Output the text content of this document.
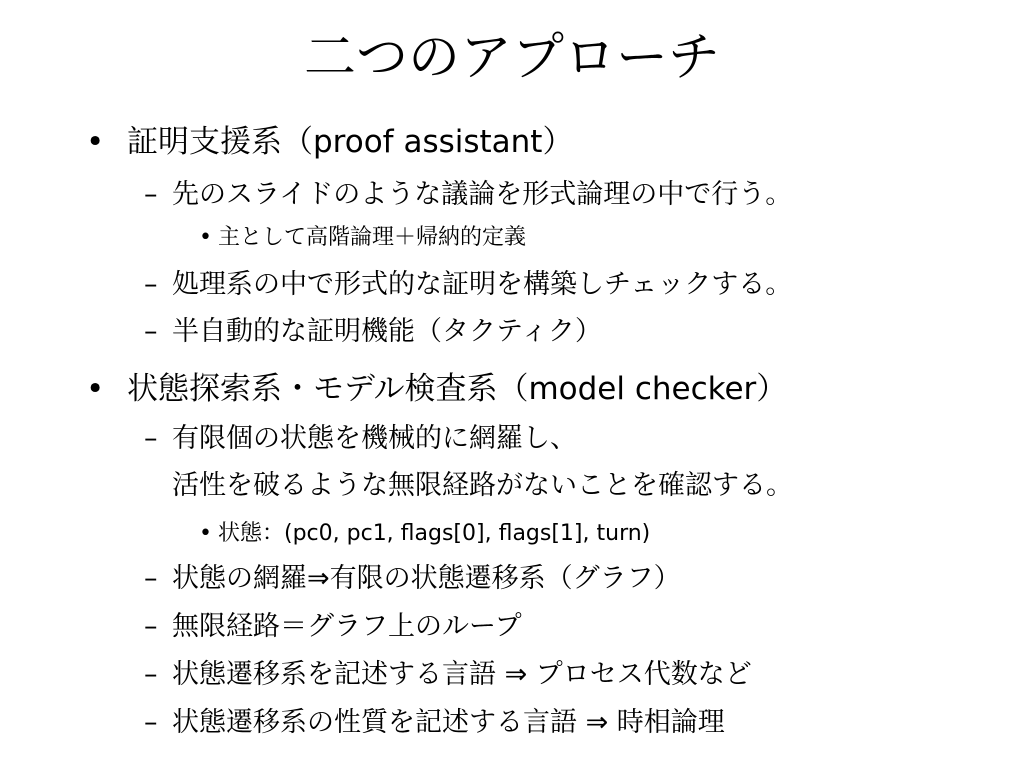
二つのアプローチ
• 証明支援系（proof assistant）
– 先のスライドのような議論を形式論理の中で行う。
• 主として高階論理＋帰納的定義
– 処理系の中で形式的な証明を構築しチェックする。
– 半自動的な証明機能（タクティク）
• 状態探索系・モデル検査系（model checker）
– 有限個の状態を機械的に網羅し、
活性を破るような無限経路がないことを確認する。
• 状態：(pc0, pc1, flags[0], flags[1], turn)
– 状態の網羅⇒有限の状態遷移系（グラフ）
– 無限経路＝グラフ上のループ
– 状態遷移系を記述する言語 ⇒ プロセス代数など
– 状態遷移系の性質を記述する言語 ⇒ 時相論理
